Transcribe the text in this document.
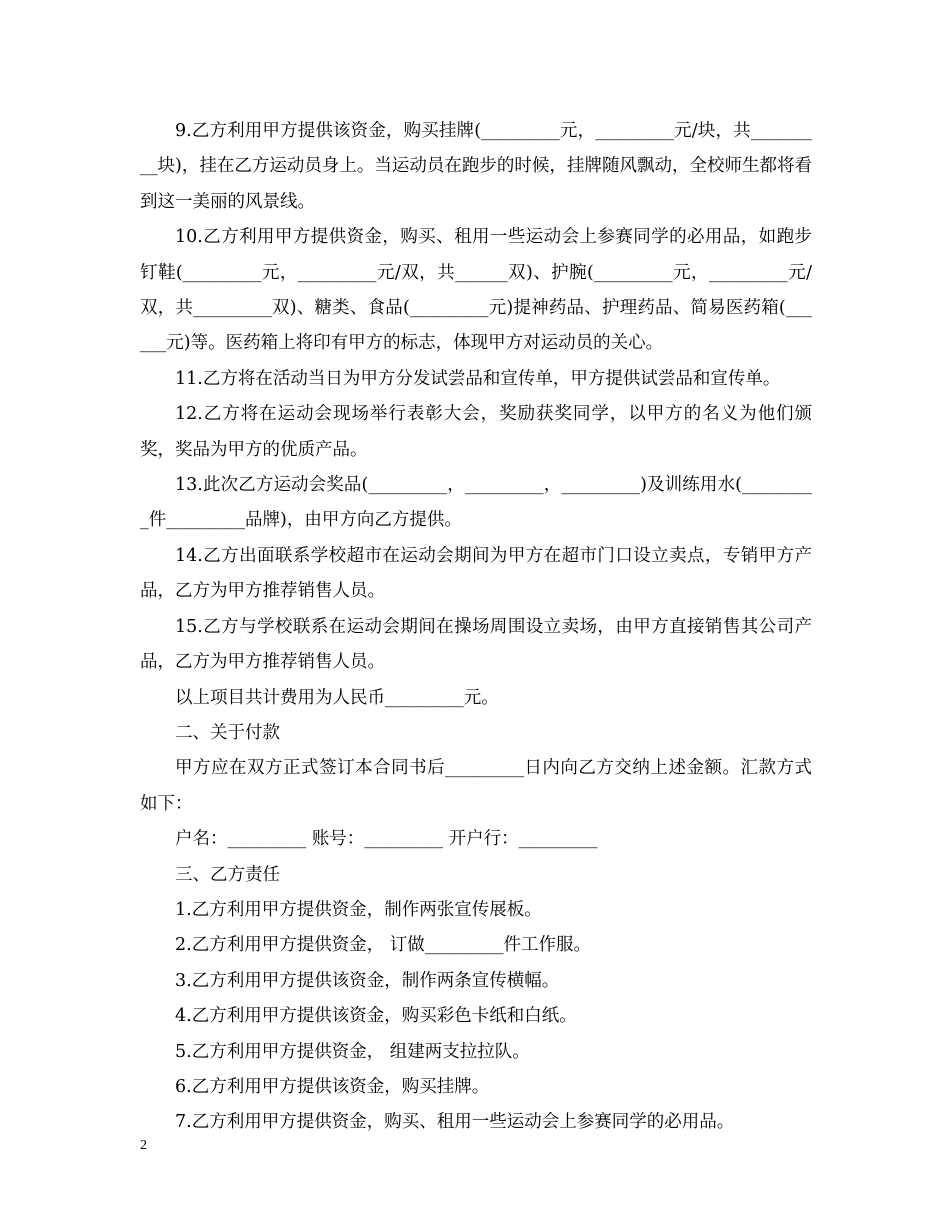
9.乙方利用甲方提供该资金，购买挂牌(_________元，_________元/块，共_________块)，挂在乙方运动员身上。当运动员在跑步的时候，挂牌随风飘动，全校师生都将看到这一美丽的风景线。

10.乙方利用甲方提供资金，购买、租用一些运动会上参赛同学的必用品，如跑步钉鞋(_________元，_________元/双，共______双)、护腕(_________元，_________元/双，共_________双)、糖类、食品(_________元)提神药品、护理药品、简易医药箱(______元)等。医药箱上将印有甲方的标志，体现甲方对运动员的关心。

11.乙方将在活动当日为甲方分发试尝品和宣传单，甲方提供试尝品和宣传单。

12.乙方将在运动会现场举行表彰大会，奖励获奖同学，以甲方的名义为他们颁奖，奖品为甲方的优质产品。

13.此次乙方运动会奖品(_________，_________，_________)及训练用水(_________件_________品牌)，由甲方向乙方提供。

14.乙方出面联系学校超市在运动会期间为甲方在超市门口设立卖点，专销甲方产品，乙方为甲方推荐销售人员。

15.乙方与学校联系在运动会期间在操场周围设立卖场，由甲方直接销售其公司产品，乙方为甲方推荐销售人员。

以上项目共计费用为人民币_________元。

二、关于付款

甲方应在双方正式签订本合同书后_________日内向乙方交纳上述金额。汇款方式如下：

户名：_________ 账号：_________ 开户行：_________

三、乙方责任

1.乙方利用甲方提供资金，制作两张宣传展板。

2.乙方利用甲方提供资金， 订做_________件工作服。

3.乙方利用甲方提供该资金，制作两条宣传横幅。

4.乙方利用甲方提供该资金，购买彩色卡纸和白纸。

5.乙方利用甲方提供资金， 组建两支拉拉队。

6.乙方利用甲方提供该资金，购买挂牌。

7.乙方利用甲方提供资金，购买、租用一些运动会上参赛同学的必用品。

2
